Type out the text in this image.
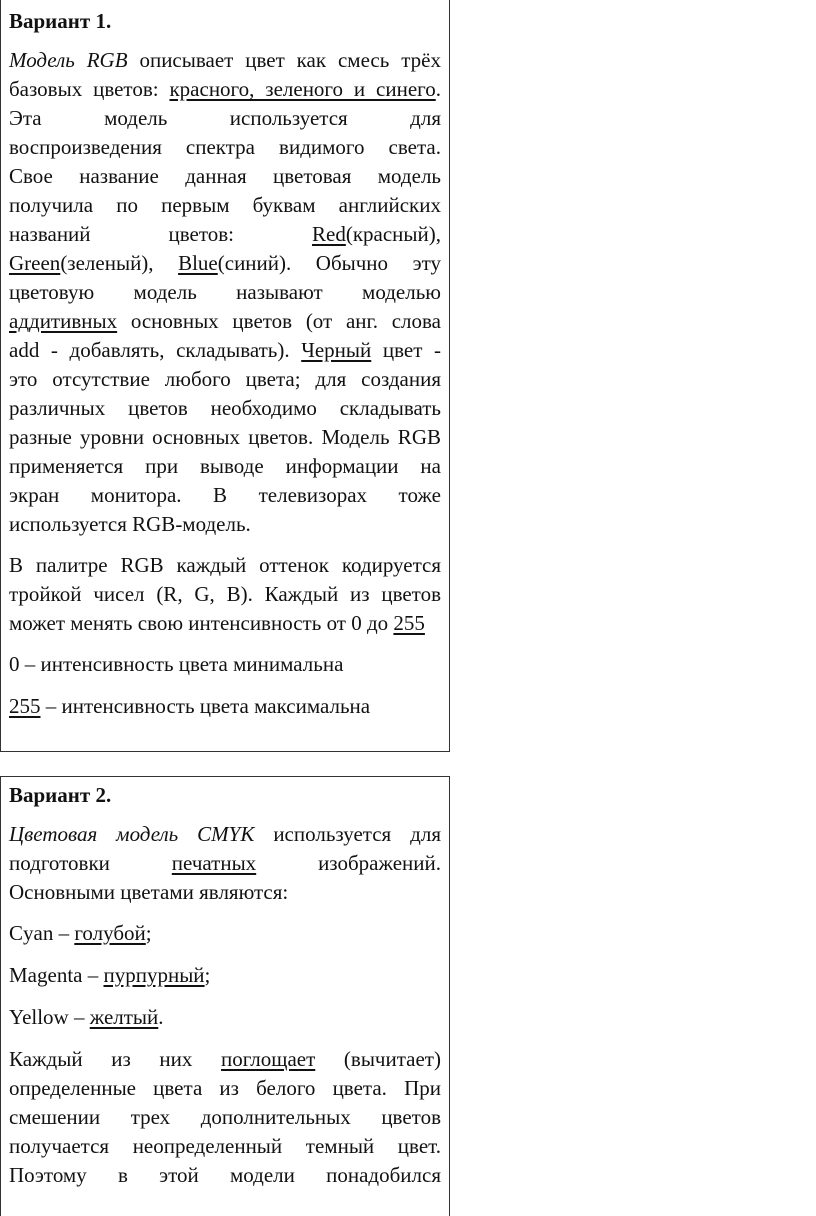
Вариант 1.
Модель RGB описывает цвет как смесь трёх
базовых цветов: красного, зеленого и синего.
Эта модель используется для
воспроизведения спектра видимого света.
Свое название данная цветовая модель
получила по первым буквам английских
названий цветов: Red(красный),
Green(зеленый), Blue(синий). Обычно эту
цветовую модель называют моделью
аддитивных основных цветов (от анг. слова
add - добавлять, складывать). Черный цвет -
это отсутствие любого цвета; для создания
различных цветов необходимо складывать
разные уровни основных цветов. Модель RGB
применяется при выводе информации на
экран монитора. В телевизорах тоже
используется RGB-модель.
В палитре RGB каждый оттенок кодируется
тройкой чисел (R, G, B). Каждый из цветов
может менять свою интенсивность от 0 до 255
0 – интенсивность цвета минимальна
255 – интенсивность цвета максимальна
Вариант 2.
Цветовая модель CMYK используется для
подготовки печатных изображений.
Основными цветами являются:
Cyan – голубой;
Magenta – пурпурный;
Yellow – желтый.
Каждый из них поглощает (вычитает)
определенные цвета из белого цвета. При
смешении трех дополнительных цветов
получается неопределенный темный цвет.
Поэтому в этой модели понадобился
